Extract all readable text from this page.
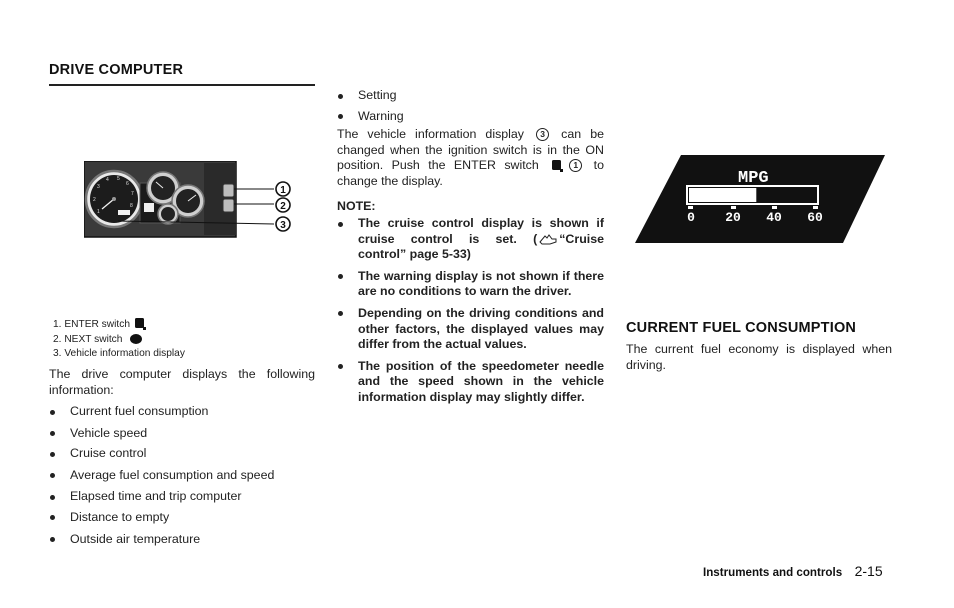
DRIVE COMPUTER
1
2
3
4 5
6
7
8
1
2
3
1. ENTER switch
2. NEXT switch
3. Vehicle information display
The drive computer displays the following information:
Current fuel consumption
Vehicle speed
Cruise control
Average fuel consumption and speed
Elapsed time and trip computer
Distance to empty
Outside air temperature
Setting
Warning
The vehicle information display 3 can be changed when the ignition switch is in the ON position. Push the ENTER switch	1 to change the display.
NOTE:
The cruise control display is shown if cruise control is set. ( “Cruise control” page 5-33)
The warning display is not shown if there are no conditions to warn the driver.
Depending on the driving conditions and other factors, the displayed values may differ from the actual values.
The position of the speedometer needle and the speed shown in the vehicle information display may slightly differ.
MPG
0 20 40 60
CURRENT FUEL CONSUMPTION
The current fuel economy is displayed when driving.
Instruments and controls 2-15
